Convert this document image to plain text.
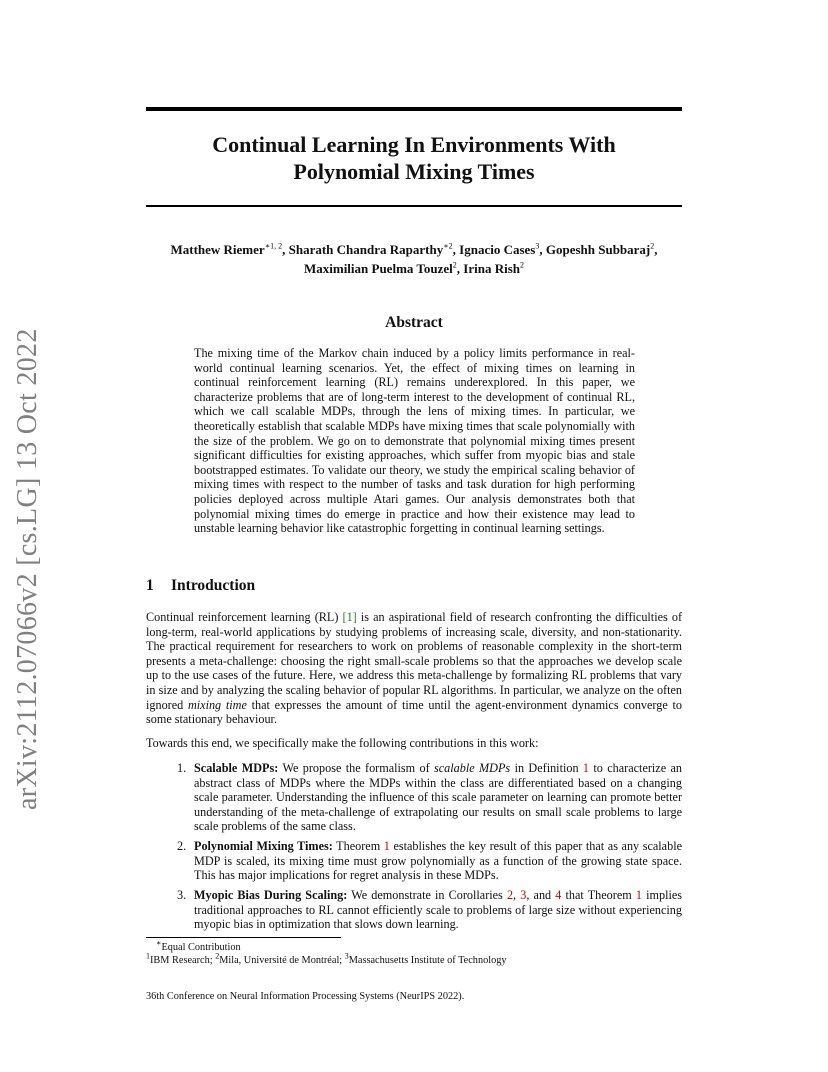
Continual Learning In Environments With
Polynomial Mixing Times
Matthew Riemer$^{∗1, 2}$, Sharath Chandra Raparthy$^{∗2}$, Ignacio Cases$^3$, Gopeshh Subbaraj$^2$,
Maximilian Puelma Touzel$^2$, Irina Rish$^2$
Abstract
The mixing time of the Markov chain induced by a policy limits performance in real-world continual learning scenarios. Yet, the effect of mixing times on learning in continual reinforcement learning (RL) remains underexplored. In this paper, we characterize problems that are of long-term interest to the development of continual RL, which we call scalable MDPs, through the lens of mixing times. In particular, we theoretically establish that scalable MDPs have mixing times that scale polynomially with the size of the problem. We go on to demonstrate that polynomial mixing times present significant difficulties for existing approaches, which suffer from myopic bias and stale bootstrapped estimates. To validate our theory, we study the empirical scaling behavior of mixing times with respect to the number of tasks and task duration for high performing policies deployed across multiple Atari games. Our analysis demonstrates both that polynomial mixing times do emerge in practice and how their existence may lead to unstable learning behavior like catastrophic forgetting in continual learning settings.
arXiv:2112.07066v2 [cs.LG] 13 Oct 2022	1 Introduction
Continual reinforcement learning (RL) [1] is an aspirational field of research confronting the difficulties of long-term, real-world applications by studying problems of increasing scale, diversity, and non-stationarity. The practical requirement for researchers to work on problems of reasonable complexity in the short-term presents a meta-challenge: choosing the right small-scale problems so that the approaches we develop scale up to the use cases of the future. Here, we address this meta-challenge by formalizing RL problems that vary in size and by analyzing the scaling behavior of popular RL algorithms. In particular, we analyze on the often ignored mixing time that expresses the amount of time until the agent-environment dynamics converge to some stationary behaviour.
Towards this end, we specifically make the following contributions in this work:
1. Scalable MDPs: We propose the formalism of scalable MDPs in Definition 1 to characterize an abstract class of MDPs where the MDPs within the class are differentiated based on a changing scale parameter. Understanding the influence of this scale parameter on learning can promote better understanding of the meta-challenge of extrapolating our results on small scale problems to large scale problems of the same class.
2. Polynomial Mixing Times: Theorem 1 establishes the key result of this paper that as any scalable MDP is scaled, its mixing time must grow polynomially as a function of the growing state space. This has major implications for regret analysis in these MDPs.
3. Myopic Bias During Scaling: We demonstrate in Corollaries 2, 3, and 4 that Theorem 1 implies traditional approaches to RL cannot efficiently scale to problems of large size without experiencing myopic bias in optimization that slows down learning.
∗Equal Contribution
$^1$IBM Research; $^2$Mila, Université de Montréal; $^3$Massachusetts Institute of Technology
36th Conference on Neural Information Processing Systems (NeurIPS 2022).
